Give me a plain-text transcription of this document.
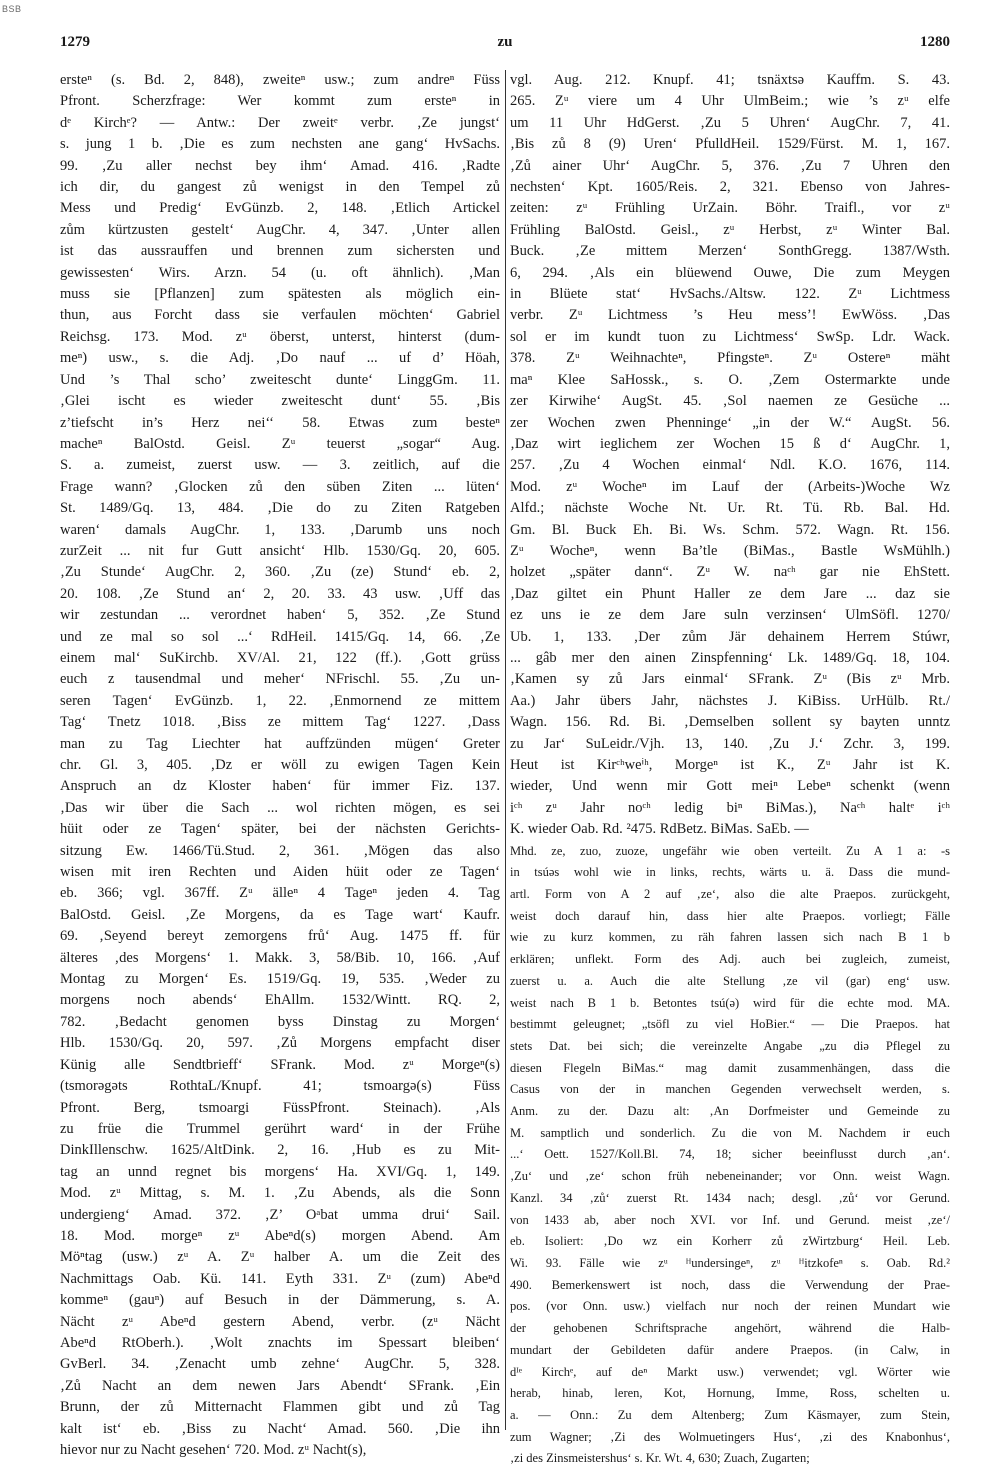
BSB
1279	zu	1280
ersteⁿ (s. Bd. 2, 848), zweiteⁿ usw.; zum andreⁿ Füss
Pfront. Scherzfrage: Wer kommt zum ersteⁿ in
dᵉ Kirchᵉ? — Antw.: Der zweitᵉ verbr. ‚Ze jungst‘
s. jung 1 b. ‚Die es zum nechsten ane gang‘ HvSachs.
99. ‚Zu aller nechst bey ihm‘ Amad. 416. ‚Radte
ich dir, du gangest zů wenigst in den Tempel zů
Mess und Predig‘ EvGünzb. 2, 148. ‚Etlich Artickel
zům kürtzusten gestelt‘ AugChr. 4, 347. ‚Unter allen
ist das aussrauffen und brennen zum sichersten und
gewissesten‘ Wirs. Arzn. 54 (u. oft ähnlich). ‚Man
muss sie [Pflanzen] zum spätesten als möglich ein-
thun, aus Forcht dass sie verfaulen möchten‘ Gabriel
Reichsg. 173. Mod. zᵘ öberst, unterst, hinterst (dum-
meⁿ) usw., s. die Adj. ‚Do nauf ... uf d’ Höah,
Und ’s Thal scho’ zweitescht dunte‘ LinggGm. 11.
‚Glei ischt es wieder zweitescht dunt‘ 55. ‚Bis
z’tiefscht in’s Herz nei‘‘ 58. Etwas zum besteⁿ
macheⁿ BalOstd. Geisl. Zᵘ teuerst „sogar“ Aug.
S. a. zumeist, zuerst usw. — 3. zeitlich, auf die
Frage wann? ‚Glocken zů den süben Ziten ... lüten‘
St. 1489/Gq. 13, 484. ‚Die do zu Ziten Ratgeben
waren‘ damals AugChr. 1, 133. ‚Darumb uns noch
zurZeit ... nit fur Gutt ansicht‘ Hlb. 1530/Gq. 20, 605.
‚Zu Stunde‘ AugChr. 2, 360. ‚Zu (ze) Stund‘ eb. 2,
20. 108. ‚Ze Stund an‘ 2, 20. 33. 43 usw. ‚Uff das
wir zestundan ... verordnet haben‘ 5, 352. ‚Ze Stund
und ze mal so sol ...‘ RdHeil. 1415/Gq. 14, 66. ‚Ze
einem mal‘ SuKirchb. XV/Al. 21, 122 (ff.). ‚Gott grüss
euch z tausendmal und meher‘ NFrischl. 55. ‚Zu un-
seren Tagen‘ EvGünzb. 1, 22. ‚Enmornend ze mittem
Tag‘ Tnetz 1018. ‚Biss ze mittem Tag‘ 1227. ‚Dass
man zu Tag Liechter hat auffzünden mügen‘ Greter
chr. Gl. 3, 405. ‚Dz er wöll zu ewigen Tagen Kein
Anspruch an dz Kloster haben‘ für immer Fiz. 137.
‚Das wir über die Sach ... wol richten mögen, es sei
hüit oder ze Tagen‘ später, bei der nächsten Gerichts-
sitzung Ew. 1466/Tü.Stud. 2, 361. ‚Mögen das also
wisen mit iren Rechten und Aiden hüit oder ze Tagen‘
eb. 366; vgl. 367ff. Zᵘ älleⁿ 4 Tageⁿ jeden 4. Tag
BalOstd. Geisl. ‚Ze Morgens, da es Tage wart‘ Kaufr.
69. ‚Seyend bereyt zemorgens frů‘ Aug. 1475 ff. für
älteres ‚des Morgens‘ 1. Makk. 3, 58/Bib. 10, 166. ‚Auf
Montag zu Morgen‘ Es. 1519/Gq. 19, 535. ‚Weder zu
morgens noch abends‘ EhAllm. 1532/Wintt. RQ. 2,
782. ‚Bedacht genomen byss Dinstag zu Morgen‘
Hlb. 1530/Gq. 20, 597. ‚Zů Morgens empfacht diser
Künig alle Sendtbrieff‘ SFrank. Mod. zᵘ Morgeⁿ(s)
(tsmorəgəts RothtaL/Knupf. 41; tsmoargə(s) Füss
Pfront. Berg, tsmoargi FüssPfront. Steinach). ‚Als
zu früe die Trummel gerührt ward‘ in der Frühe
DinkIllenschw. 1625/AltDink. 2, 16. ‚Hub es zu Mit-
tag an unnd regnet bis morgens‘ Ha. XVI/Gq. 1, 149.
Mod. zᵘ Mittag, s. M. 1. ‚Zu Abends, als die Sonn
undergieng‘ Amad. 372. ‚Z’ Oᵃbat umma drui‘ Sail.
18. Mod. morgeⁿ zᵘ Abeⁿd(s) morgen Abend. Am
Möⁿtag (usw.) zᵘ A. Zᵘ halber A. um die Zeit des
Nachmittags Oab. Kü. 141. Eyth 331. Zᵘ (zum) Abeⁿd
kommeⁿ (gauⁿ) auf Besuch in der Dämmerung, s. A.
Nächt zᵘ Abeⁿd gestern Abend, verbr. (zᵘ Nächt
Abeⁿd RtOberh.). ‚Wolt znachts im Spessart bleiben‘
GvBerl. 34. ‚Zenacht umb zehne‘ AugChr. 5, 328.
‚Zů Nacht an dem newen Jars Abendt‘ SFrank. ‚Ein
Brunn, der zů Mitternacht Flammen gibt und zů Tag
kalt ist‘ eb. ‚Biss zu Nacht‘ Amad. 560. ‚Die ihn
hievor nur zu Nacht gesehen‘ 720. Mod. zᵘ Nacht(s),
vgl. Aug. 212. Knupf. 41; tsnäxtsə Kauffm. S. 43.
265. Zᵘ viere um 4 Uhr UlmBeim.; wie ’s zᵘ elfe
um 11 Uhr HdGerst. ‚Zu 5 Uhren‘ AugChr. 7, 41.
‚Bis zů 8 (9) Uren‘ PfulldHeil. 1529/Fürst. M. 1, 167.
‚Zů ainer Uhr‘ AugChr. 5, 376. ‚Zu 7 Uhren den
nechsten‘ Kpt. 1605/Reis. 2, 321. Ebenso von Jahres-
zeiten: zᵘ Frühling UrZain. Böhr. Traifl., vor zᵘ
Frühling BalOstd. Geisl., zᵘ Herbst, zᵘ Winter Bal.
Buck. ‚Ze mittem Merzen‘ SonthGregg. 1387/Wsth.
6, 294. ‚Als ein blüewend Ouwe, Die zum Meygen
in Blüete stat‘ HvSachs./Altsw. 122. Zᵘ Lichtmess
verbr. Zᵘ Lichtmess ’s Heu mess’! EwWöss. ‚Das
sol er im kundt tuon zu Lichtmess‘ SwSp. Ldr. Wack.
378. Zᵘ Weihnachteⁿ, Pfingsteⁿ. Zᵘ Ostereⁿ mäht
maⁿ Klee SaHossk., s. O. ‚Zem Ostermarkte unde
zer Kirwihe‘ AugSt. 45. ‚Sol naemen ze Gesüche ...
zer Wochen zwen Phenninge‘ „in der W.“ AugSt. 56.
‚Daz wirt ieglichem zer Wochen 15 ß d‘ AugChr. 1,
257. ‚Zu 4 Wochen einmal‘ Ndl. K.O. 1676, 114.
Mod. zᵘ Wocheⁿ im Lauf der (Arbeits-)Woche Wz
Alfd.; nächste Woche Nt. Ur. Rt. Tü. Rb. Bal. Hd.
Gm. Bl. Buck Eh. Bi. Ws. Schm. 572. Wagn. Rt. 156.
Zᵘ Wocheⁿ, wenn Ba’tle (BiMas., Bastle WsMühlh.)
holzet „später dann“. Zᵘ W. naᶜʰ gar nie EhStett.
‚Daz giltet ein Phunt Haller ze dem Jare ... daz sie
ez uns ie ze dem Jare suln verzinsen‘ UlmSöfl. 1270/
Ub. 1, 133. ‚Der zům Jär dehainem Herrem Stúwr,
... gâb mer den ainen Zinspfenning‘ Lk. 1489/Gq. 18, 104.
‚Kamen sy zů Jars einmal‘ SFrank. Zᵘ (Bis zᵘ Mrb.
Aa.) Jahr übers Jahr, nächstes J. KiBiss. UrHülb. Rt./
Wagn. 156. Rd. Bi. ‚Demselben sollent sy bayten unntz
zu Jar‘ SuLeidr./Vjh. 13, 140. ‚Zu J.‘ Zchr. 3, 199.
Heut ist Kirᶜʰweⁱʰ, Morgeⁿ ist K., Zᵘ Jahr ist K.
wieder, Und wenn mir Gott meiⁿ Lebeⁿ schenkt (wenn
iᶜʰ zᵘ Jahr noᶜʰ ledig biⁿ BiMas.), Naᶜʰ haltᵉ iᶜʰ
K. wieder Oab. Rd. ²475. RdBetz. BiMas. SaEb. —
Mhd. ze, zuo, zuoze, ungefähr wie oben verteilt. Zu A 1 a: -s
in tsúəs wohl wie in links, rechts, wärts u. ä. Dass die mund-
artl. Form von A 2 auf ‚ze‘, also die alte Praepos. zurückgeht,
weist doch darauf hin, dass hier alte Praepos. vorliegt; Fälle
wie zu kurz kommen, zu räh fahren lassen sich nach B 1 b
erklären; unflekt. Form des Adj. auch bei zugleich, zumeist,
zuerst u. a. Auch die alte Stellung ‚ze vil (gar) eng‘ usw.
weist nach B 1 b. Betontes tsú(ə) wird für die echte mod. MA.
bestimmt geleugnet; „tsöfl zu viel HoBier.“ — Die Praepos. hat
stets Dat. bei sich; die vereinzelte Angabe „zu diə Pflegel zu
diesen Flegeln BiMas.“ mag damit zusammenhängen, dass die
Casus von der in manchen Gegenden verwechselt werden, s.
Anm. zu der. Dazu alt: ‚An Dorfmeister und Gemeinde zu
M. samptlich und sonderlich. Zu die von M. Nachdem ir euch
...‘ Oett. 1527/Koll.Bl. 74, 18; sicher beeinflusst durch ‚an‘.
‚Zu‘ und ‚ze‘ schon früh nebeneinander; vor Onn. weist Wagn.
Kanzl. 34 ‚zů‘ zuerst Rt. 1434 nach; desgl. ‚zů‘ vor Gerund.
von 1433 ab, aber noch XVI. vor Inf. und Gerund. meist ‚ze‘/
eb. Isoliert: ‚Do wz ein Korherr zů zWirtzburg‘ Heil. Leb.
Wi. 93. Fälle wie zᵘ ᴴundersingeⁿ, zᵘ ᴴitzkofeⁿ s. Oab. Rd.²
490. Bemerkenswert ist noch, dass die Verwendung der Prae-
pos. (vor Onn. usw.) vielfach nur noch der reinen Mundart wie
der gehobenen Schriftsprache angehört, während die Halb-
mundart der Gebildeten dafür andere Praepos. (in Calw, in
dᴵᵉ Kirchᵉ, auf deⁿ Markt usw.) verwendet; vgl. Wörter wie
herab, hinab, leren, Kot, Hornung, Imme, Ross, schelten u.
a. — Onn.: Zu dem Altenberg; Zum Käsmayer, zum Stein,
zum Wagner; ‚Zi des Wolmuetingers Hus‘, ‚zi des Knabonhus‘,
‚zi des Zinsmeistershus‘ s. Kr. Wt. 4, 630; Zuach, Zugarten;
